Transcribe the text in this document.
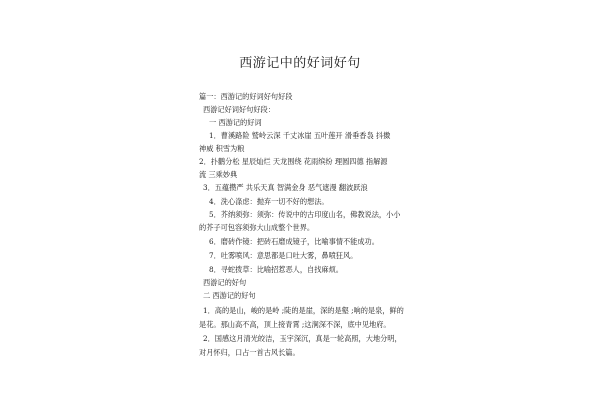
西游记中的好词好句
篇一：西游记的好词好句好段
西游记好词好句好段：
一 西游记的好词
1．曹溪路险 鹫岭云深 千丈冰崖 五叶莲开 滑垂香袅 抖擞
神威 积雪为粮
2．扑鹳分松 星辰灿烂 天龙围绕 花雨缤纷 理圆四德 指解源
流 三乘妙典
3．五蕴攒严 共乐天真 智满金身 恶气遮漫 翻波跃浪
4．洗心涤虑：抛弃一切不好的想法。
5．芥纳须弥：须弥：传说中的古印度山名，佛教说法，小小
的芥子可包容须弥大山成整个世界。
6．磨砖作镜：把砖石磨成镜子，比喻事情不能成功。
7．吐雾喷风：意思都是口吐大雾，鼻喷狂风。
8．寻蛇拨草：比喻招惹恶人，自找麻烦。
西游记的好句
二 西游记的好句
1．高的是山，峻的是岭 ;陡的是崖，深的是壑 ;响的是泉，鲜的
是花。那山高不高，顶上接青霄 ;这涧深不深，底中见地府。
2．国感这月清光皎洁，玉宇深沉，真是一轮高照，大地分明，
对月怀归，口占一首古风长篇。
